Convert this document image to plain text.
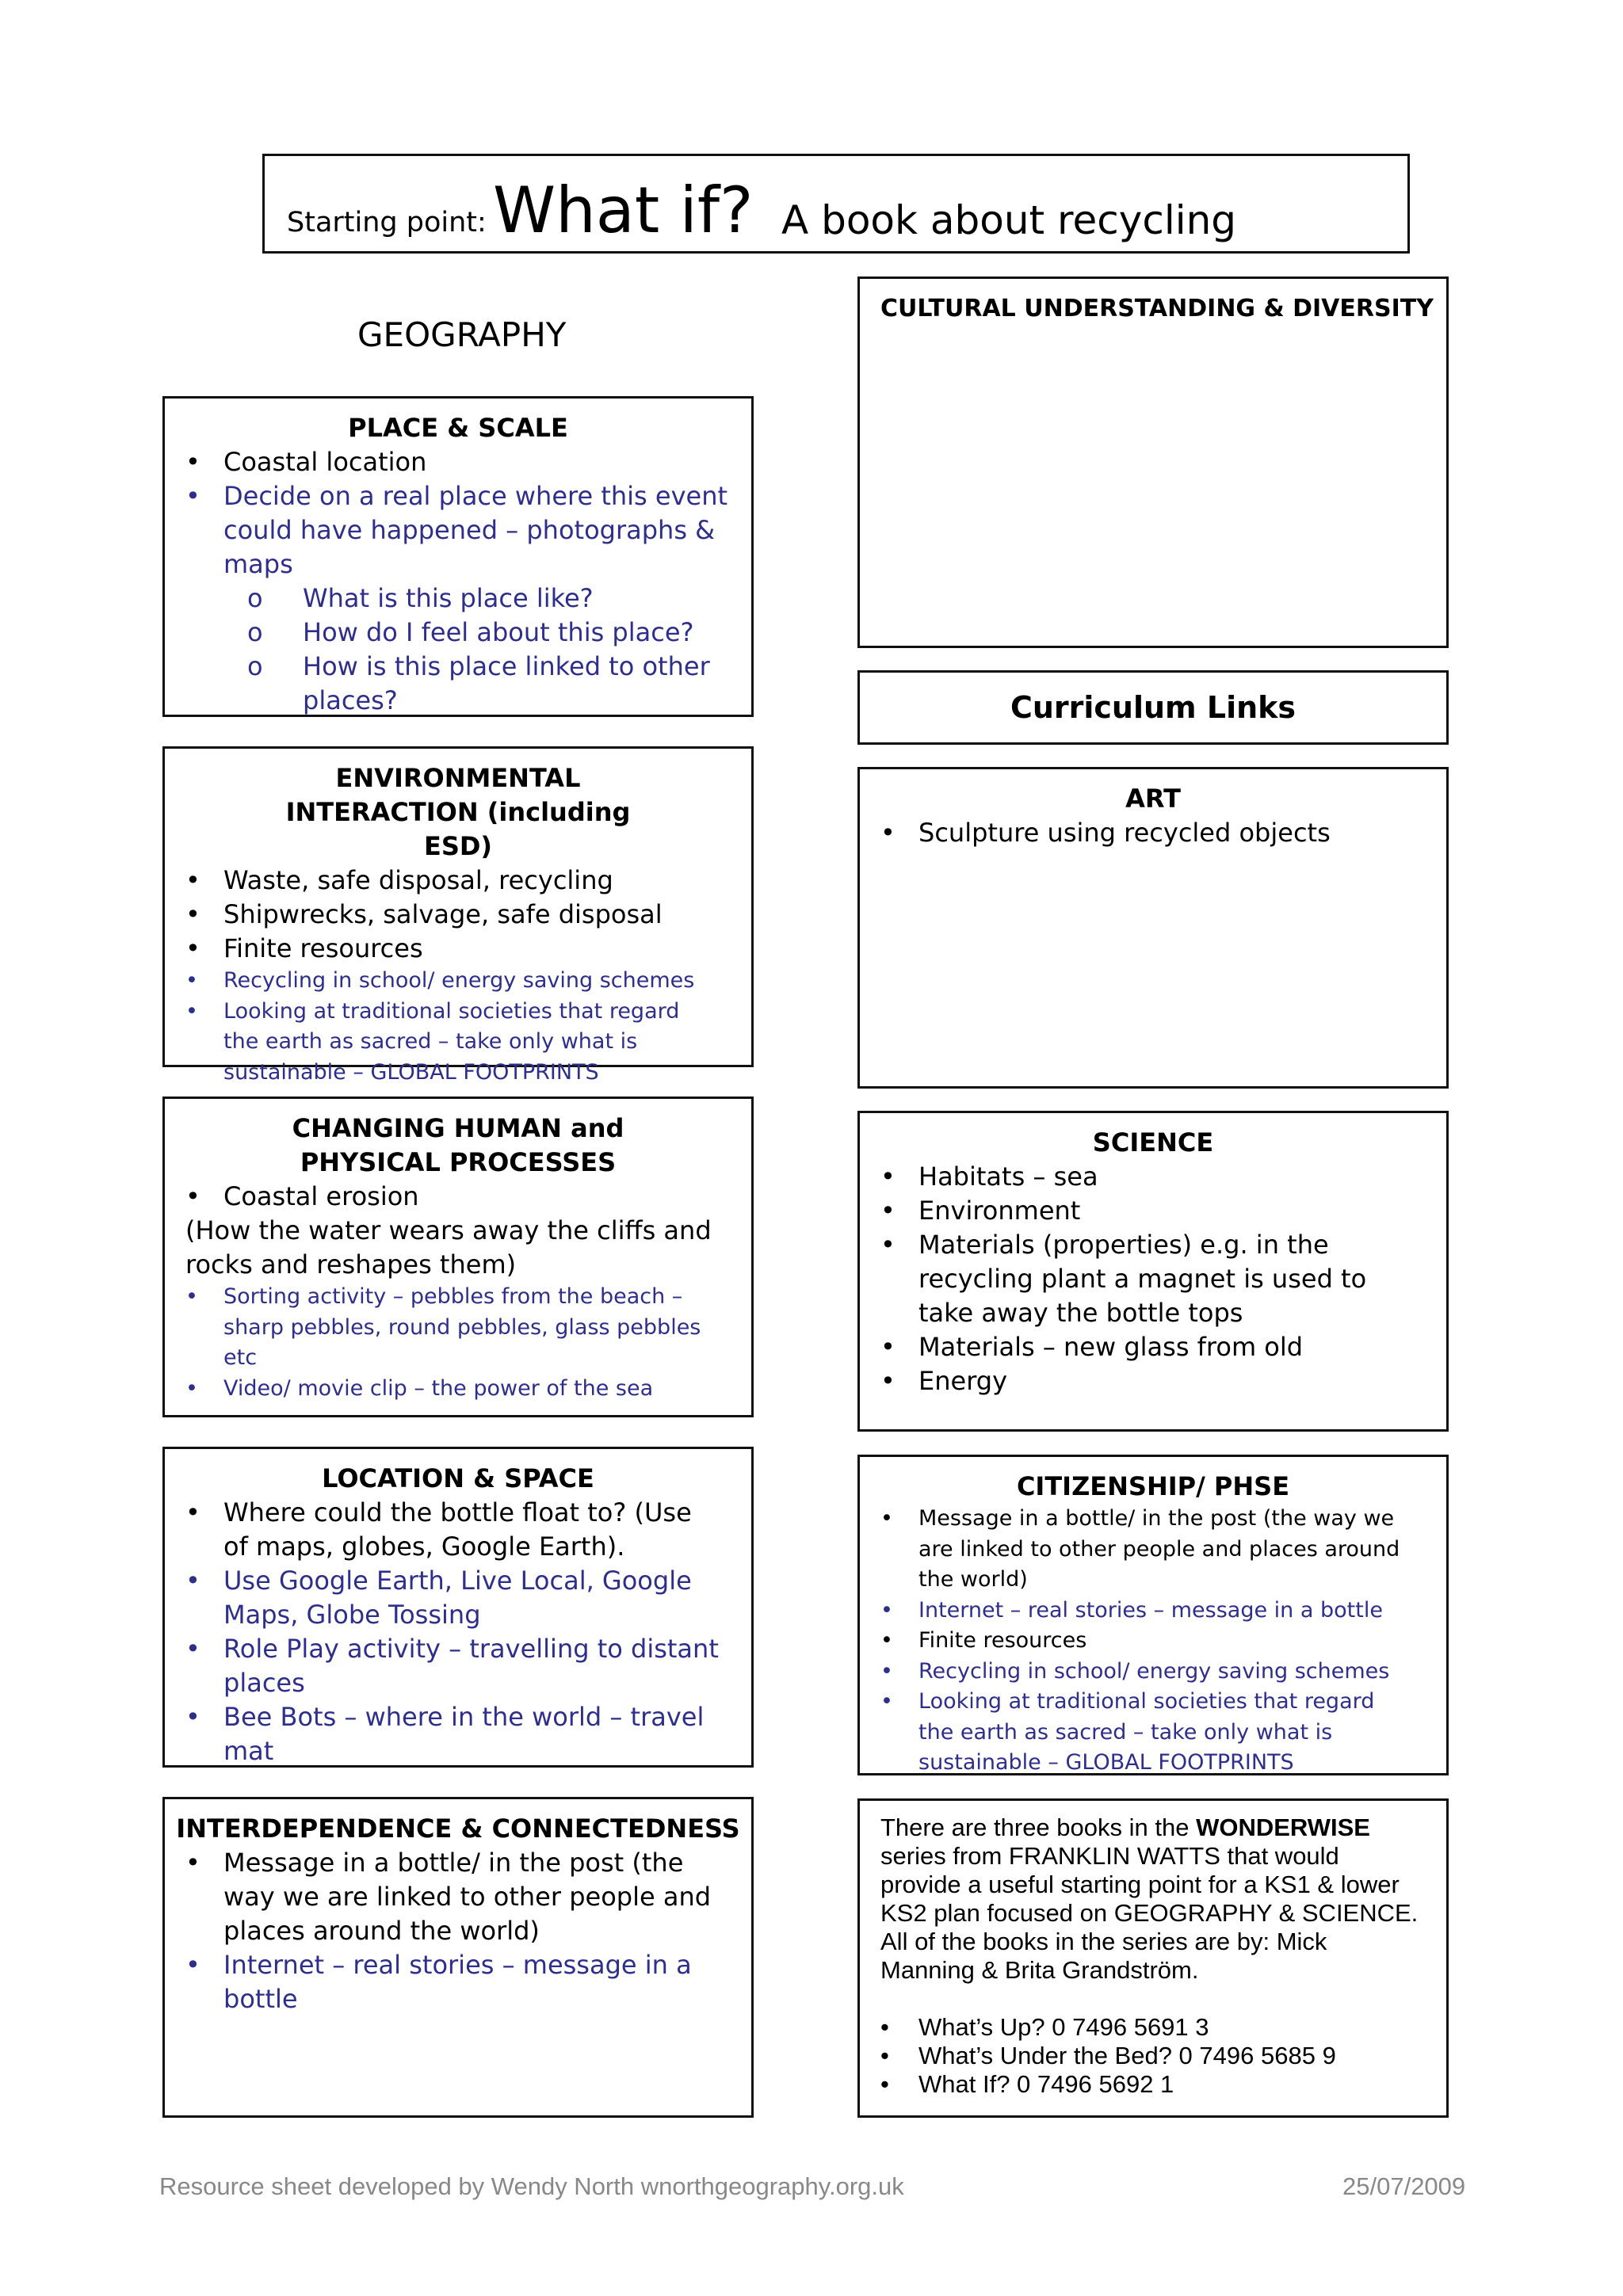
Starting point: What if? A book about recycling
GEOGRAPHY
PLACE & SCALE
• Coastal location
• Decide on a real place where this event could have happened – photographs & maps
o What is this place like?
o How do I feel about this place?
o How is this place linked to other places?
ENVIRONMENTAL INTERACTION (including ESD)
• Waste, safe disposal, recycling
• Shipwrecks, salvage, safe disposal
• Finite resources
• Recycling in school/ energy saving schemes
• Looking at traditional societies that regard the earth as sacred – take only what is sustainable – GLOBAL FOOTPRINTS
CHANGING HUMAN and PHYSICAL PROCESSES
• Coastal erosion
(How the water wears away the cliffs and rocks and reshapes them)
• Sorting activity – pebbles from the beach – sharp pebbles, round pebbles, glass pebbles etc
• Video/ movie clip – the power of the sea
LOCATION & SPACE
• Where could the bottle float to? (Use of maps, globes, Google Earth).
• Use Google Earth, Live Local, Google Maps, Globe Tossing
• Role Play activity – travelling to distant places
• Bee Bots – where in the world – travel mat
INTERDEPENDENCE & CONNECTEDNESS
• Message in a bottle/ in the post (the way we are linked to other people and places around the world)
• Internet – real stories – message in a bottle
CULTURAL UNDERSTANDING & DIVERSITY
Curriculum Links
ART
• Sculpture using recycled objects
SCIENCE
• Habitats – sea
• Environment
• Materials (properties) e.g. in the recycling plant a magnet is used to take away the bottle tops
• Materials – new glass from old
• Energy
CITIZENSHIP/ PHSE
• Message in a bottle/ in the post (the way we are linked to other people and places around the world)
• Internet – real stories – message in a bottle
• Finite resources
• Recycling in school/ energy saving schemes
• Looking at traditional societies that regard the earth as sacred – take only what is sustainable – GLOBAL FOOTPRINTS
There are three books in the WONDERWISE series from FRANKLIN WATTS that would provide a useful starting point for a KS1 & lower KS2 plan focused on GEOGRAPHY & SCIENCE. All of the books in the series are by: Mick Manning & Brita Grandström.
• What’s Up? 0 7496 5691 3
• What’s Under the Bed? 0 7496 5685 9
• What If? 0 7496 5692 1
Resource sheet developed by Wendy North wnorthgeography.org.uk	25/07/2009
